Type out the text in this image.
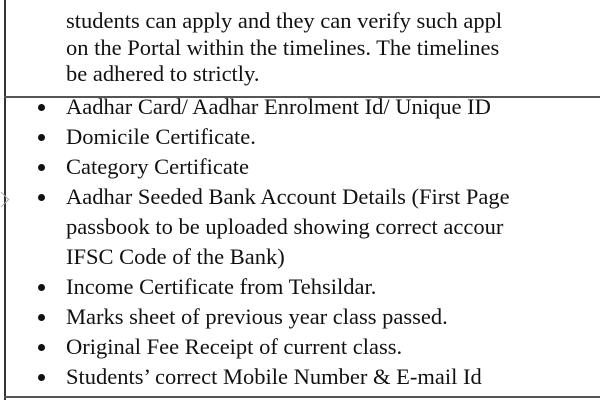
students can apply and they can verify such appl
on the Portal within the timelines. The timelines
be adhered to strictly.
Aadhar Card/ Aadhar Enrolment Id/ Unique ID
Domicile Certificate.
Category Certificate
Aadhar Seeded Bank Account Details (First Page
passbook to be uploaded showing correct accour
IFSC Code of the Bank)
Income Certificate from Tehsildar.
Marks sheet of previous year class passed.
Original Fee Receipt of current class.
Students’ correct Mobile Number & E-mail Id
